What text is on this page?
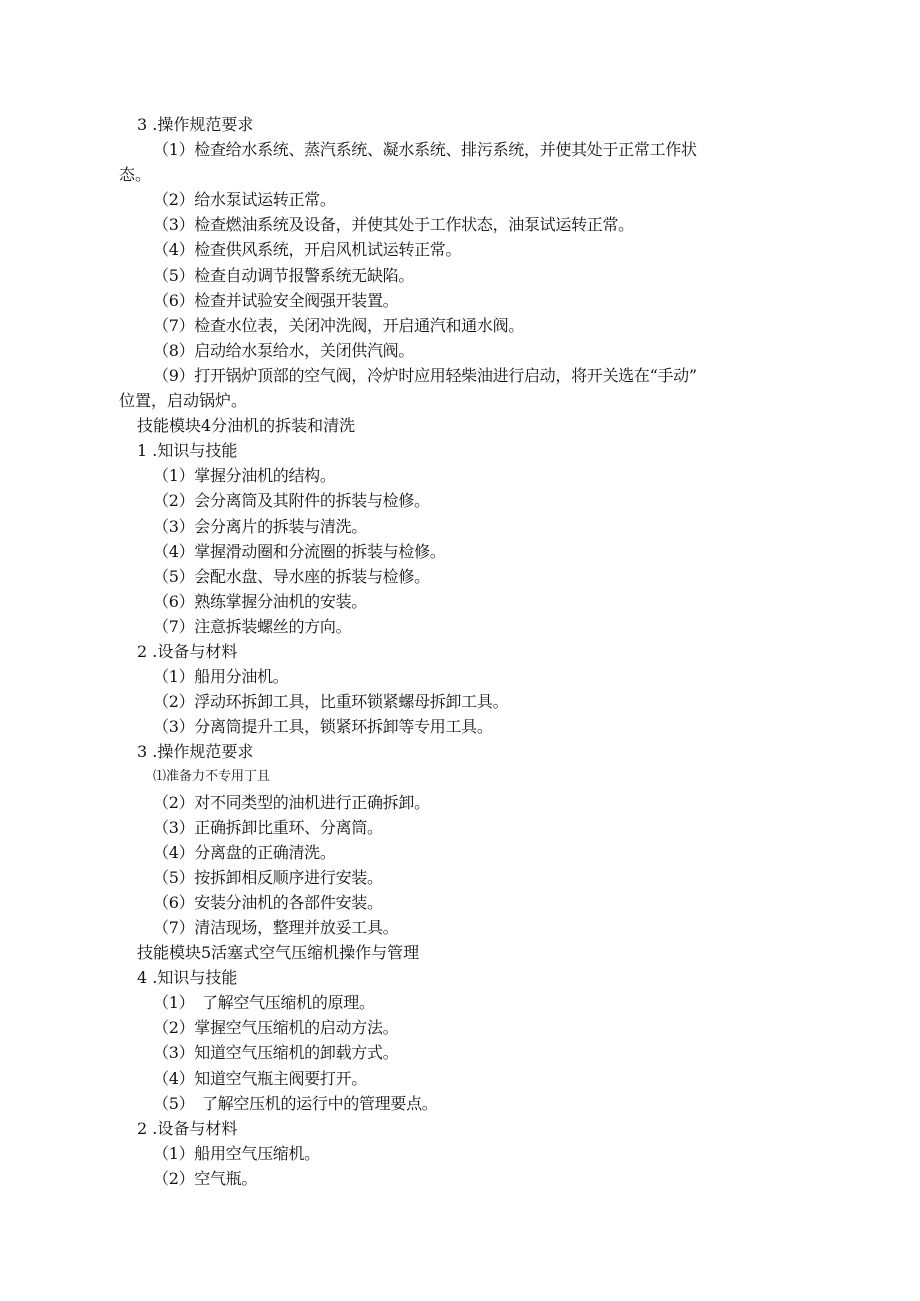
3 .操作规范要求
（1）检查给水系统、蒸汽系统、凝水系统、排污系统，并使其处于正常工作状
态。
（2）给水泵试运转正常。
（3）检查燃油系统及设备，并使其处于工作状态，油泵试运转正常。
（4）检查供风系统，开启风机试运转正常。
（5）检查自动调节报警系统无缺陷。
（6）检查并试验安全阀强开装置。
（7）检查水位表，关闭冲洗阀，开启通汽和通水阀。
（8）启动给水泵给水，关闭供汽阀。
（9）打开锅炉顶部的空气阀，冷炉时应用轻柴油进行启动，将开关选在“手动”
位置，启动锅炉。
技能模块4分油机的拆装和清洗
1 .知识与技能
（1）掌握分油机的结构。
（2）会分离筒及其附件的拆装与检修。
（3）会分离片的拆装与清洗。
（4）掌握滑动圈和分流圈的拆装与检修。
（5）会配水盘、导水座的拆装与检修。
（6）熟练掌握分油机的安装。
（7）注意拆装螺丝的方向。
2 .设备与材料
（1）船用分油机。
（2）浮动环拆卸工具，比重环锁紧螺母拆卸工具。
（3）分离筒提升工具，锁紧环拆卸等专用工具。
3 .操作规范要求
⑴准备力不专用丁且
（2）对不同类型的油机进行正确拆卸。
（3）正确拆卸比重环、分离筒。
（4）分离盘的正确清洗。
（5）按拆卸相反顺序进行安装。
（6）安装分油机的各部件安装。
（7）清洁现场，整理并放妥工具。
技能模块5活塞式空气压缩机操作与管理
4 .知识与技能
（1）　了解空气压缩机的原理。
（2）掌握空气压缩机的启动方法。
（3）知道空气压缩机的卸载方式。
（4）知道空气瓶主阀要打开。
（5）　了解空压机的运行中的管理要点。
2 .设备与材料
（1）船用空气压缩机。
（2）空气瓶。
